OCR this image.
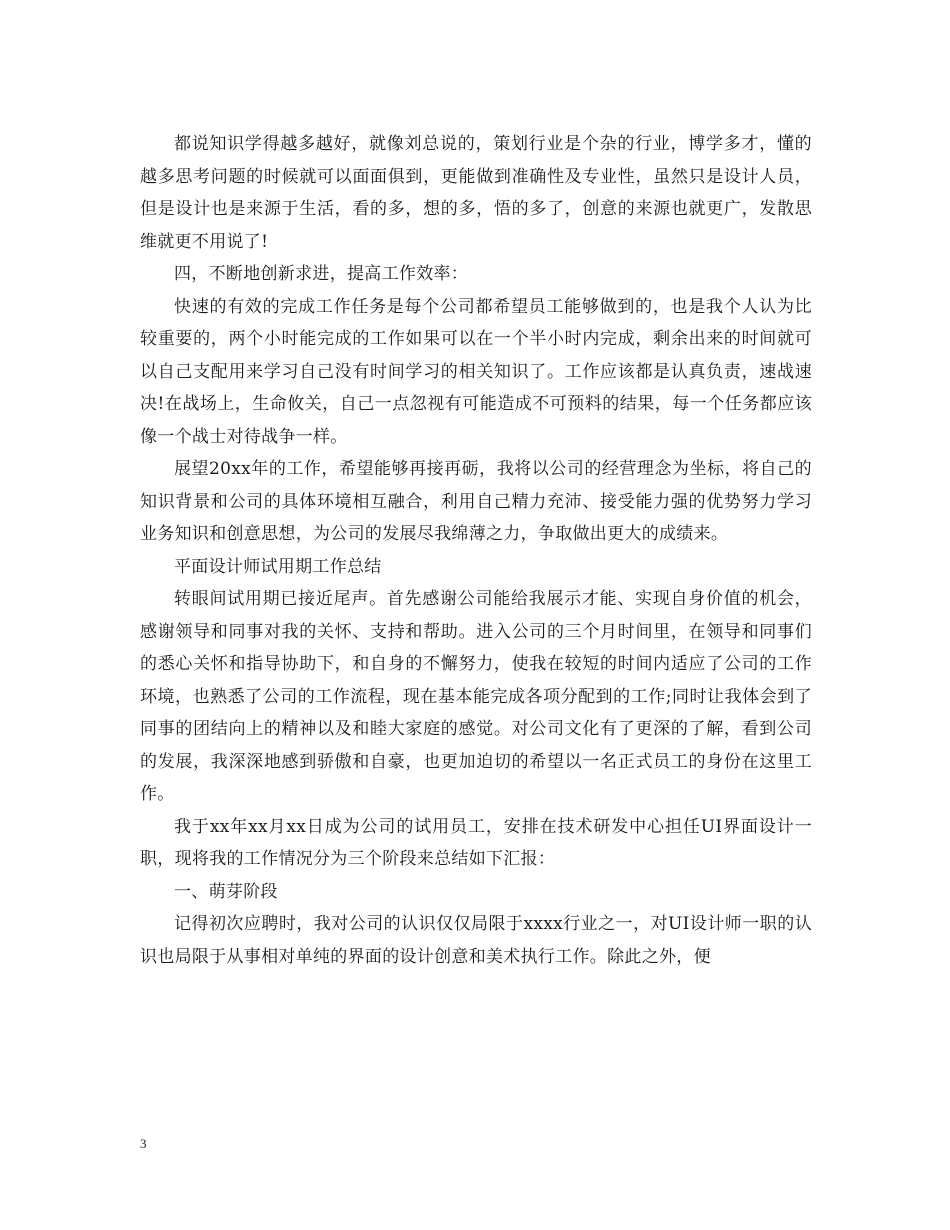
都说知识学得越多越好，就像刘总说的，策划行业是个杂的行业，博学多才，懂的越多思考问题的时候就可以面面俱到，更能做到准确性及专业性，虽然只是设计人员，但是设计也是来源于生活，看的多，想的多，悟的多了，创意的来源也就更广，发散思维就更不用说了!

四，不断地创新求进，提高工作效率：

快速的有效的完成工作任务是每个公司都希望员工能够做到的，也是我个人认为比较重要的，两个小时能完成的工作如果可以在一个半小时内完成，剩余出来的时间就可以自己支配用来学习自己没有时间学习的相关知识了。工作应该都是认真负责，速战速决!在战场上，生命攸关，自己一点忽视有可能造成不可预料的结果，每一个任务都应该像一个战士对待战争一样。

展望20xx年的工作，希望能够再接再砺，我将以公司的经营理念为坐标，将自己的知识背景和公司的具体环境相互融合，利用自己精力充沛、接受能力强的优势努力学习业务知识和创意思想，为公司的发展尽我绵薄之力，争取做出更大的成绩来。

平面设计师试用期工作总结

转眼间试用期已接近尾声。首先感谢公司能给我展示才能、实现自身价值的机会，感谢领导和同事对我的关怀、支持和帮助。进入公司的三个月时间里，在领导和同事们的悉心关怀和指导协助下，和自身的不懈努力，使我在较短的时间内适应了公司的工作环境，也熟悉了公司的工作流程，现在基本能完成各项分配到的工作;同时让我体会到了同事的团结向上的精神以及和睦大家庭的感觉。对公司文化有了更深的了解，看到公司的发展，我深深地感到骄傲和自豪，也更加迫切的希望以一名正式员工的身份在这里工作。

我于xx年xx月xx日成为公司的试用员工，安排在技术研发中心担任UI界面设计一职，现将我的工作情况分为三个阶段来总结如下汇报：

一、萌芽阶段

记得初次应聘时，我对公司的认识仅仅局限于xxxx行业之一，对UI设计师一职的认识也局限于从事相对单纯的界面的设计创意和美术执行工作。除此之外，便

3
